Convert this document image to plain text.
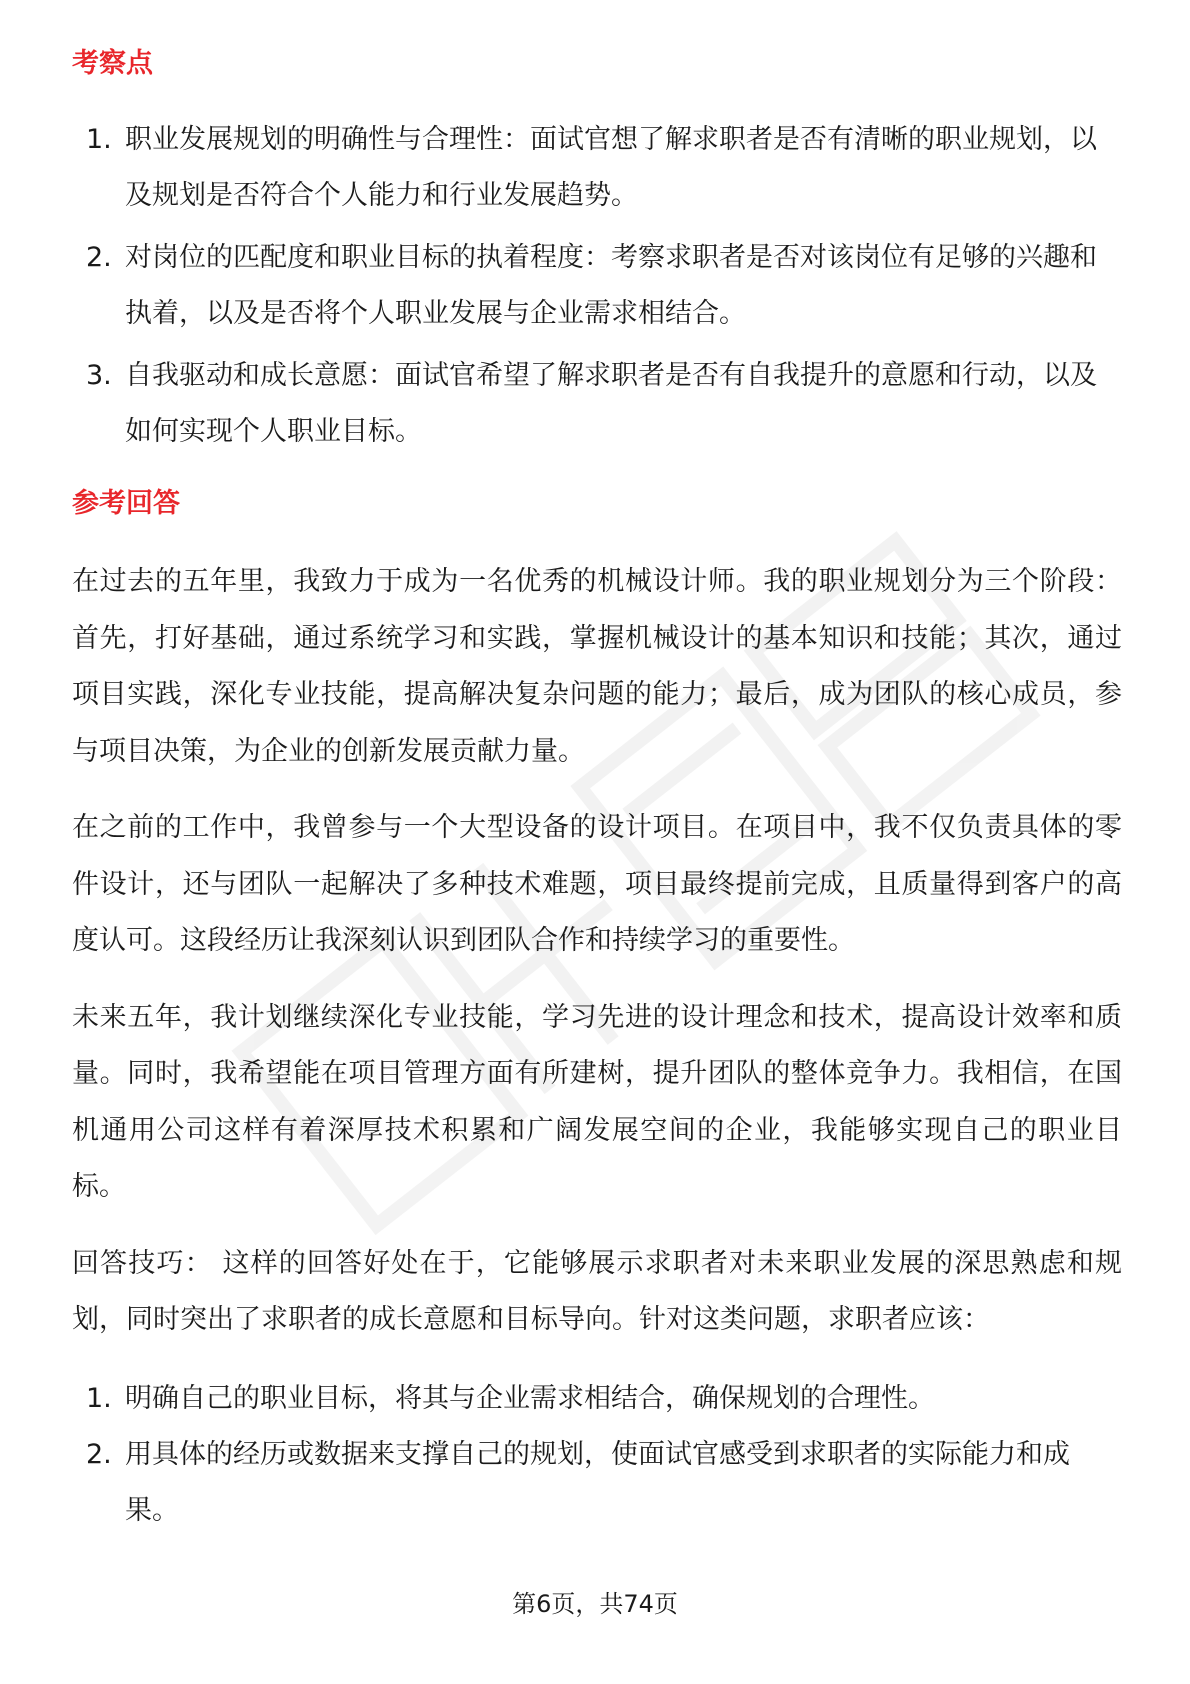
考察点
1. 职业发展规划的明确性与合理性：面试官想了解求职者是否有清晰的职业规划，以及规划是否符合个人能力和行业发展趋势。
2. 对岗位的匹配度和职业目标的执着程度：考察求职者是否对该岗位有足够的兴趣和执着，以及是否将个人职业发展与企业需求相结合。
3. 自我驱动和成长意愿：面试官希望了解求职者是否有自我提升的意愿和行动，以及如何实现个人职业目标。
参考回答

在过去的五年里，我致力于成为一名优秀的机械设计师。我的职业规划分为三个阶段：首先，打好基础，通过系统学习和实践，掌握机械设计的基本知识和技能；其次，通过项目实践，深化专业技能，提高解决复杂问题的能力；最后，成为团队的核心成员，参与项目决策，为企业的创新发展贡献力量。

在之前的工作中，我曾参与一个大型设备的设计项目。在项目中，我不仅负责具体的零件设计，还与团队一起解决了多种技术难题，项目最终提前完成，且质量得到客户的高度认可。这段经历让我深刻认识到团队合作和持续学习的重要性。

未来五年，我计划继续深化专业技能，学习先进的设计理念和技术，提高设计效率和质量。同时，我希望能在项目管理方面有所建树，提升团队的整体竞争力。我相信，在国机通用公司这样有着深厚技术积累和广阔发展空间的企业，我能够实现自己的职业目标。

回答技巧： 这样的回答好处在于，它能够展示求职者对未来职业发展的深思熟虑和规划，同时突出了求职者的成长意愿和目标导向。针对这类问题，求职者应该：

1. 明确自己的职业目标，将其与企业需求相结合，确保规划的合理性。
2. 用具体的经历或数据来支撑自己的规划，使面试官感受到求职者的实际能力和成果。
第6页，共74页
